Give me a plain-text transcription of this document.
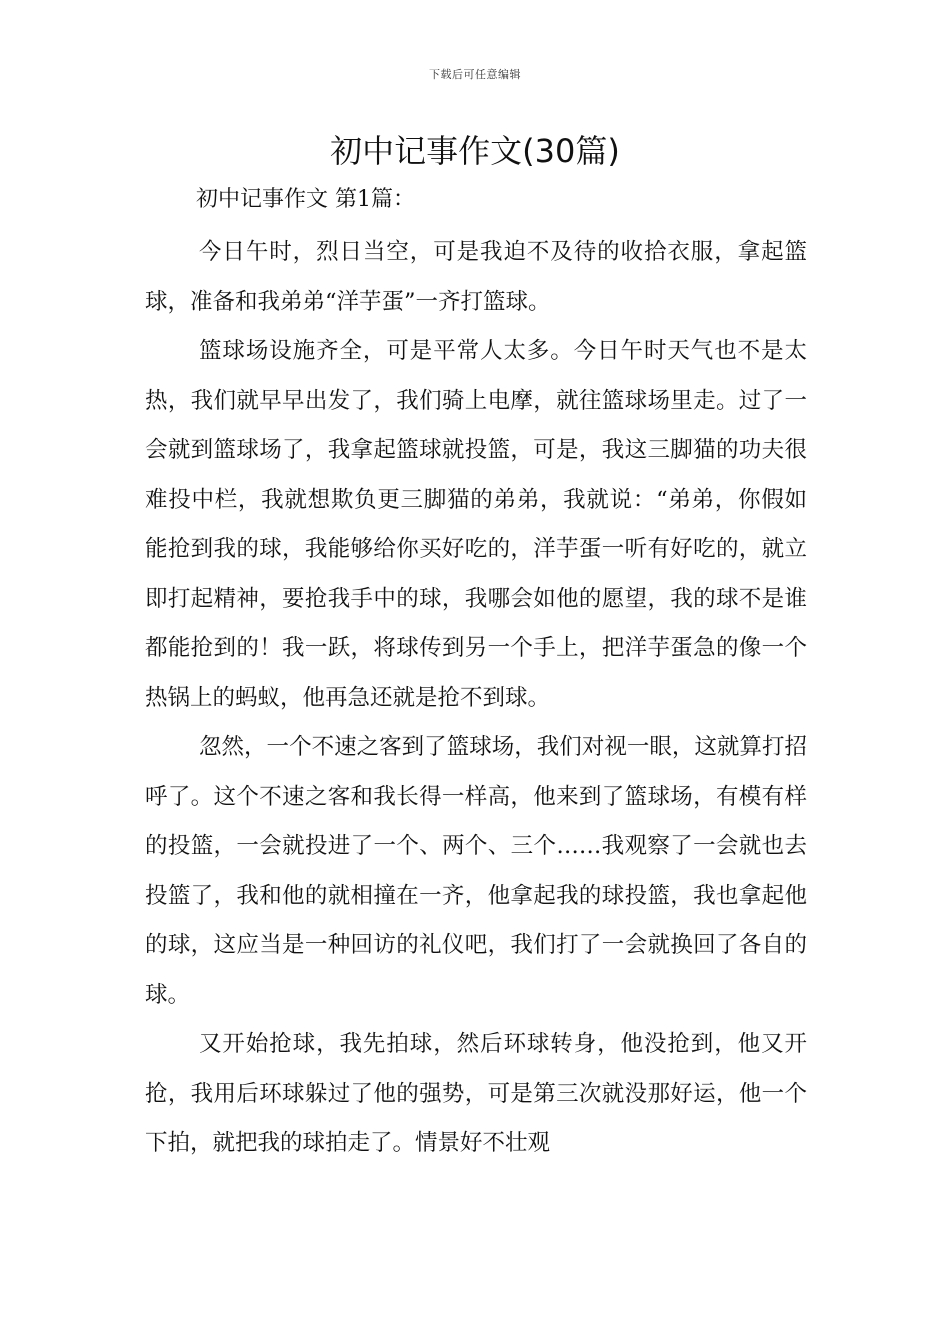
下载后可任意编辑
初中记事作文(30篇)
初中记事作文 第1篇：

今日午时，烈日当空，可是我迫不及待的收拾衣服，拿起篮球，准备和我弟弟“洋芋蛋”一齐打篮球。

篮球场设施齐全，可是平常人太多。今日午时天气也不是太热，我们就早早出发了，我们骑上电摩，就往篮球场里走。过了一会就到篮球场了，我拿起篮球就投篮，可是，我这三脚猫的功夫很难投中栏，我就想欺负更三脚猫的弟弟，我就说：“弟弟，你假如能抢到我的球，我能够给你买好吃的，洋芋蛋一听有好吃的，就立即打起精神，要抢我手中的球，我哪会如他的愿望，我的球不是谁都能抢到的！我一跃，将球传到另一个手上，把洋芋蛋急的像一个热锅上的蚂蚁，他再急还就是抢不到球。

忽然，一个不速之客到了篮球场，我们对视一眼，这就算打招呼了。这个不速之客和我长得一样高，他来到了篮球场，有模有样的投篮，一会就投进了一个、两个、三个……我观察了一会就也去投篮了，我和他的就相撞在一齐，他拿起我的球投篮，我也拿起他的球，这应当是一种回访的礼仪吧，我们打了一会就换回了各自的球。

又开始抢球，我先拍球，然后环球转身，他没抢到，他又开抢，我用后环球躲过了他的强势，可是第三次就没那好运，他一个下拍，就把我的球拍走了。情景好不壮观
